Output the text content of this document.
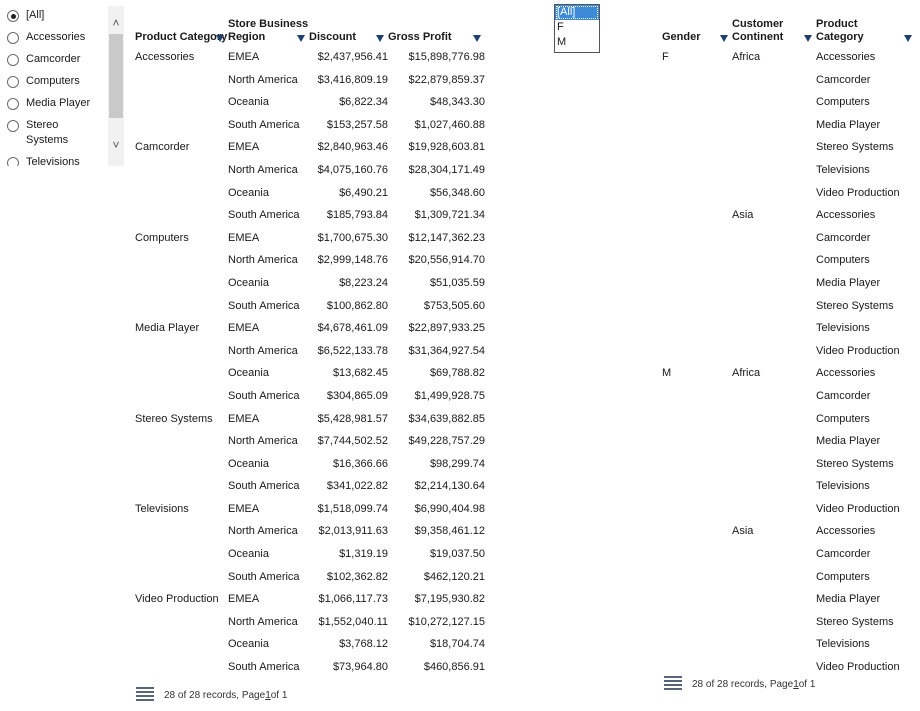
[All]
Accessories
Camcorder
Computers
Media Player
Stereo Systems
Televisions
˄
˅
Product Category	Store Business Region	Discount	Gross Profit

Accessories	EMEA	$2,437,956.41	$15,898,776.98
	North America	$3,416,809.19	$22,879,859.37
	Oceania	$6,822.34	$48,343.30
	South America	$153,257.58	$1,027,460.88
Camcorder	EMEA	$2,840,963.46	$19,928,603.81
	North America	$4,075,160.76	$28,304,171.49
	Oceania	$6,490.21	$56,348.60
	South America	$185,793.84	$1,309,721.34
Computers	EMEA	$1,700,675.30	$12,147,362.23
	North America	$2,999,148.76	$20,556,914.70
	Oceania	$8,223.24	$51,035.59
	South America	$100,862.80	$753,505.60
Media Player	EMEA	$4,678,461.09	$22,897,933.25
	North America	$6,522,133.78	$31,364,927.54
	Oceania	$13,682.45	$69,788.82
	South America	$304,865.09	$1,499,928.75
Stereo Systems	EMEA	$5,428,981.57	$34,639,882.85
	North America	$7,744,502.52	$49,228,757.29
	Oceania	$16,366.66	$98,299.74
	South America	$341,022.82	$2,214,130.64
Televisions	EMEA	$1,518,099.74	$6,990,404.98
	North America	$2,013,911.63	$9,358,461.12
	Oceania	$1,319.19	$19,037.50
	South America	$102,362.82	$462,120.21
Video Production	EMEA	$1,066,117.73	$7,195,930.82
	North America	$1,552,040.11	$10,272,127.15
	Oceania	$3,768.12	$18,704.74
	South America	$73,964.80	$460,856.91
28 of 28 records, Page 1 of 1
[All]
F
M	Gender	Customer Continent	Product Category

F	Africa	Accessories
		Camcorder
		Computers
		Media Player
		Stereo Systems
		Televisions
		Video Production
	Asia	Accessories
		Camcorder
		Computers
		Media Player
		Stereo Systems
		Televisions
		Video Production
M	Africa	Accessories
		Camcorder
		Computers
		Media Player
		Stereo Systems
		Televisions
		Video Production
	Asia	Accessories
		Camcorder
		Computers
		Media Player
		Stereo Systems
		Televisions
		Video Production
28 of 28 records, Page 1 of 1
